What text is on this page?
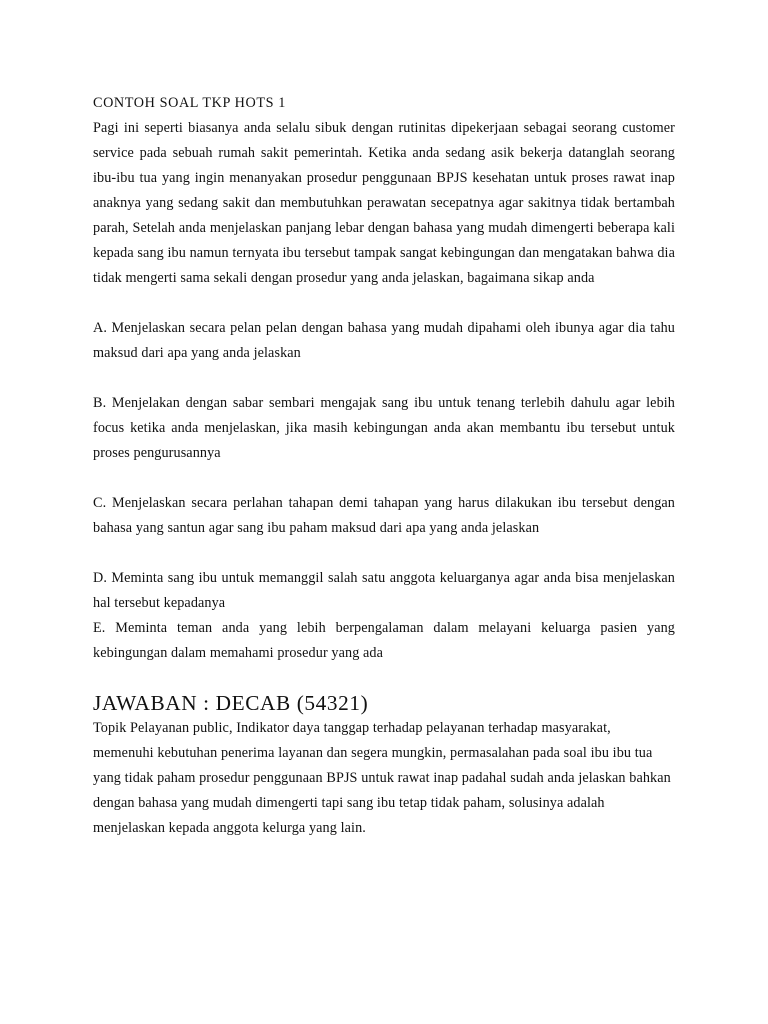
CONTOH SOAL TKP HOTS 1

Pagi ini seperti biasanya anda selalu sibuk dengan rutinitas dipekerjaan sebagai seorang customer service pada sebuah rumah sakit pemerintah. Ketika anda sedang asik bekerja datanglah seorang ibu-ibu tua yang ingin menanyakan prosedur penggunaan BPJS kesehatan untuk proses rawat inap anaknya yang sedang sakit dan membutuhkan perawatan secepatnya agar sakitnya tidak bertambah parah, Setelah anda menjelaskan panjang lebar dengan bahasa yang mudah dimengerti beberapa kali kepada sang ibu namun ternyata ibu tersebut tampak sangat kebingungan dan mengatakan bahwa dia tidak mengerti sama sekali dengan prosedur yang anda jelaskan, bagaimana sikap anda

A. Menjelaskan secara pelan pelan dengan bahasa yang mudah dipahami oleh ibunya agar dia tahu maksud dari apa yang anda jelaskan

B. Menjelakan dengan sabar sembari mengajak sang ibu untuk tenang terlebih dahulu agar lebih focus ketika anda menjelaskan, jika masih kebingungan anda akan membantu ibu tersebut untuk proses pengurusannya

C. Menjelaskan secara perlahan tahapan demi tahapan yang harus dilakukan ibu tersebut dengan bahasa yang santun agar sang ibu paham maksud dari apa yang anda jelaskan

D. Meminta sang ibu untuk memanggil salah satu anggota keluarganya agar anda bisa menjelaskan hal tersebut kepadanya

E. Meminta teman anda yang lebih berpengalaman dalam melayani keluarga pasien yang kebingungan dalam memahami prosedur yang ada

JAWABAN : DECAB (54321)

Topik Pelayanan public, Indikator daya tanggap terhadap pelayanan terhadap masyarakat, memenuhi kebutuhan penerima layanan dan segera mungkin, permasalahan pada soal ibu ibu tua yang tidak paham prosedur penggunaan BPJS untuk rawat inap padahal sudah anda jelaskan bahkan dengan bahasa yang mudah dimengerti tapi sang ibu tetap tidak paham, solusinya adalah menjelaskan kepada anggota kelurga yang lain.
